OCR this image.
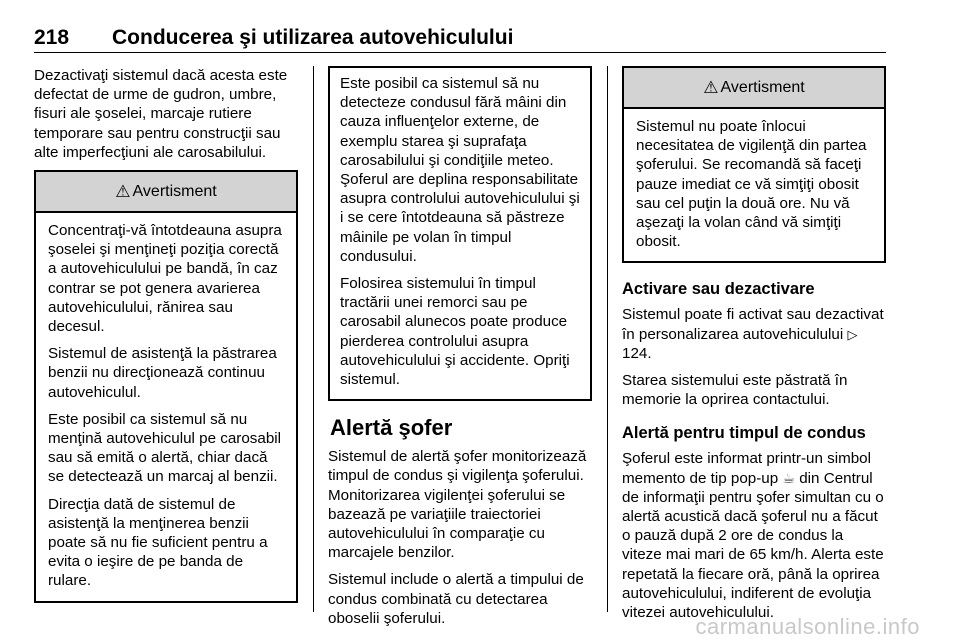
218 Conducerea şi utilizarea autovehiculului

Dezactivaţi sistemul dacă acesta este defectat de urme de gudron, umbre, fisuri ale şoselei, marcaje rutiere temporare sau pentru construcţii sau alte imperfecţiuni ale carosabilului.

⚠ Avertisment

Concentraţi-vă întotdeauna asupra şoselei şi menţineţi poziţia corectă a autovehiculului pe bandă, în caz contrar se pot genera avarierea autovehiculului, rănirea sau decesul.

Sistemul de asistenţă la păstrarea benzii nu direcţionează continuu autovehiculul.

Este posibil ca sistemul să nu menţină autovehiculul pe carosabil sau să emită o alertă, chiar dacă se detectează un marcaj al benzii.

Direcţia dată de sistemul de asistenţă la menţinerea benzii poate să nu fie suficient pentru a evita o ieşire de pe banda de rulare.

Este posibil ca sistemul să nu detecteze condusul fără mâini din cauza influenţelor externe, de exemplu starea şi suprafaţa carosabilului şi condiţiile meteo. Şoferul are deplina responsabilitate asupra controlului autovehiculului şi i se cere întotdeauna să păstreze mâinile pe volan în timpul condusului.

Folosirea sistemului în timpul tractării unei remorci sau pe carosabil alunecos poate produce pierderea controlului asupra autovehiculului şi accidente. Opriţi sistemul.

Alertă şofer

Sistemul de alertă şofer monitorizează timpul de condus şi vigilenţa şoferului. Monitorizarea vigilenţei şoferului se bazează pe variaţiile traiectoriei autovehiculului în comparaţie cu marcajele benzilor.

Sistemul include o alertă a timpului de condus combinată cu detectarea oboselii şoferului.

⚠ Avertisment

Sistemul nu poate înlocui necesitatea de vigilenţă din partea şoferului. Se recomandă să faceţi pauze imediat ce vă simţiţi obosit sau cel puţin la două ore. Nu vă aşezaţi la volan când vă simţiţi obosit.

Activare sau dezactivare

Sistemul poate fi activat sau dezactivat în personalizarea autovehiculului ▷ 124.

Starea sistemului este păstrată în memorie la oprirea contactului.

Alertă pentru timpul de condus

Şoferul este informat printr-un simbol memento de tip pop-up ☕ din Centrul de informaţii pentru şofer simultan cu o alertă acustică dacă şoferul nu a făcut o pauză după 2 ore de condus la viteze mai mari de 65 km/h. Alerta este repetată la fiecare oră, până la oprirea autovehiculului, indiferent de evoluţia vitezei autovehiculului.

carmanualsonline.info
